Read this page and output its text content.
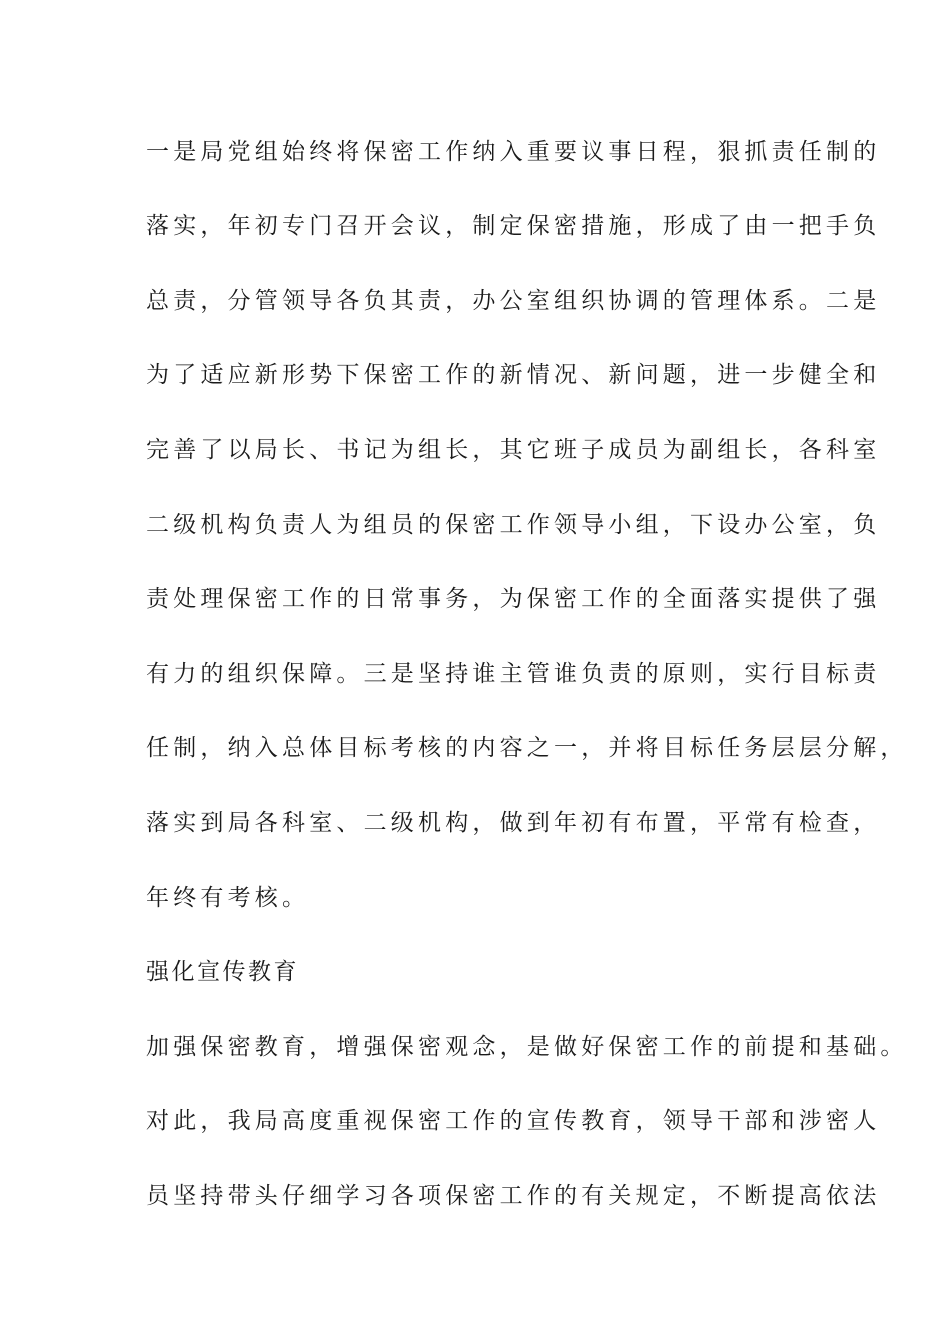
一是局党组始终将保密工作纳入重要议事日程，狠抓责任制的
落实，年初专门召开会议，制定保密措施，形成了由一把手负
总责，分管领导各负其责，办公室组织协调的管理体系。二是
为了适应新形势下保密工作的新情况、新问题，进一步健全和
完善了以局长、书记为组长，其它班子成员为副组长，各科室
二级机构负责人为组员的保密工作领导小组，下设办公室，负
责处理保密工作的日常事务，为保密工作的全面落实提供了强
有力的组织保障。三是坚持谁主管谁负责的原则，实行目标责
任制，纳入总体目标考核的内容之一，并将目标任务层层分解，
落实到局各科室、二级机构，做到年初有布置，平常有检查，
年终有考核。
强化宣传教育
加强保密教育，增强保密观念，是做好保密工作的前提和基础。
对此，我局高度重视保密工作的宣传教育，领导干部和涉密人
员坚持带头仔细学习各项保密工作的有关规定，不断提高依法
